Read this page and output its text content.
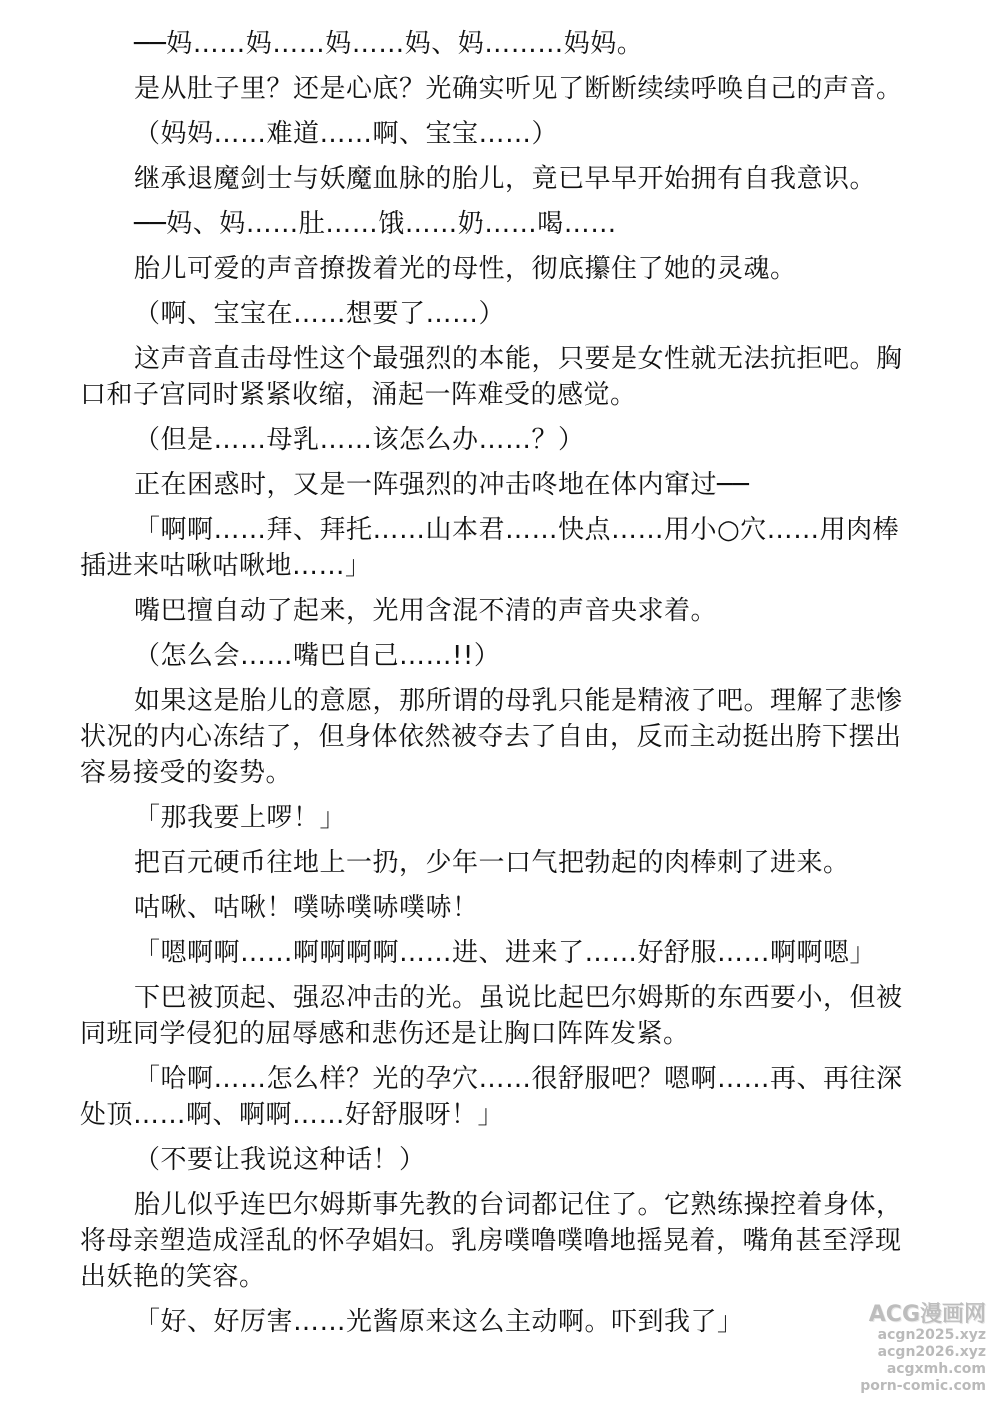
──妈……妈……妈……妈、妈………妈妈。

是从肚子里？还是心底？光确实听见了断断续续呼唤自己的声音。

（妈妈……难道……啊、宝宝……）

继承退魔剑士与妖魔血脉的胎儿，竟已早早开始拥有自我意识。

──妈、妈……肚……饿……奶……喝……

胎儿可爱的声音撩拨着光的母性，彻底攥住了她的灵魂。

（啊、宝宝在……想要了……）

这声音直击母性这个最强烈的本能，只要是女性就无法抗拒吧。胸口和子宫同时紧紧收缩，涌起一阵难受的感觉。

（但是……母乳……该怎么办……？）

正在困惑时，又是一阵强烈的冲击咚地在体内窜过──

「啊啊……拜、拜托……山本君……快点……用小○穴……用肉棒插进来咕啾咕啾地……」

嘴巴擅自动了起来，光用含混不清的声音央求着。

（怎么会……嘴巴自己……!!）

如果这是胎儿的意愿，那所谓的母乳只能是精液了吧。理解了悲惨状况的内心冻结了，但身体依然被夺去了自由，反而主动挺出胯下摆出容易接受的姿势。

「那我要上啰！」

把百元硬币往地上一扔，少年一口气把勃起的肉棒刺了进来。

咕啾、咕啾！噗哧噗哧噗哧！

「嗯啊啊……啊啊啊啊……进、进来了……好舒服……啊啊嗯」

下巴被顶起、强忍冲击的光。虽说比起巴尔姆斯的东西要小，但被同班同学侵犯的屈辱感和悲伤还是让胸口阵阵发紧。

「哈啊……怎么样？光的孕穴……很舒服吧？嗯啊……再、再往深处顶……啊、啊啊……好舒服呀！」

（不要让我说这种话！）

胎儿似乎连巴尔姆斯事先教的台词都记住了。它熟练操控着身体，将母亲塑造成淫乱的怀孕娼妇。乳房噗噜噗噜地摇晃着，嘴角甚至浮现出妖艳的笑容。

「好、好厉害……光酱原来这么主动啊。吓到我了」	ACG漫画网
acgn2025.xyz
acgn2026.xyz
acgxmh.com
porn-comic.com
